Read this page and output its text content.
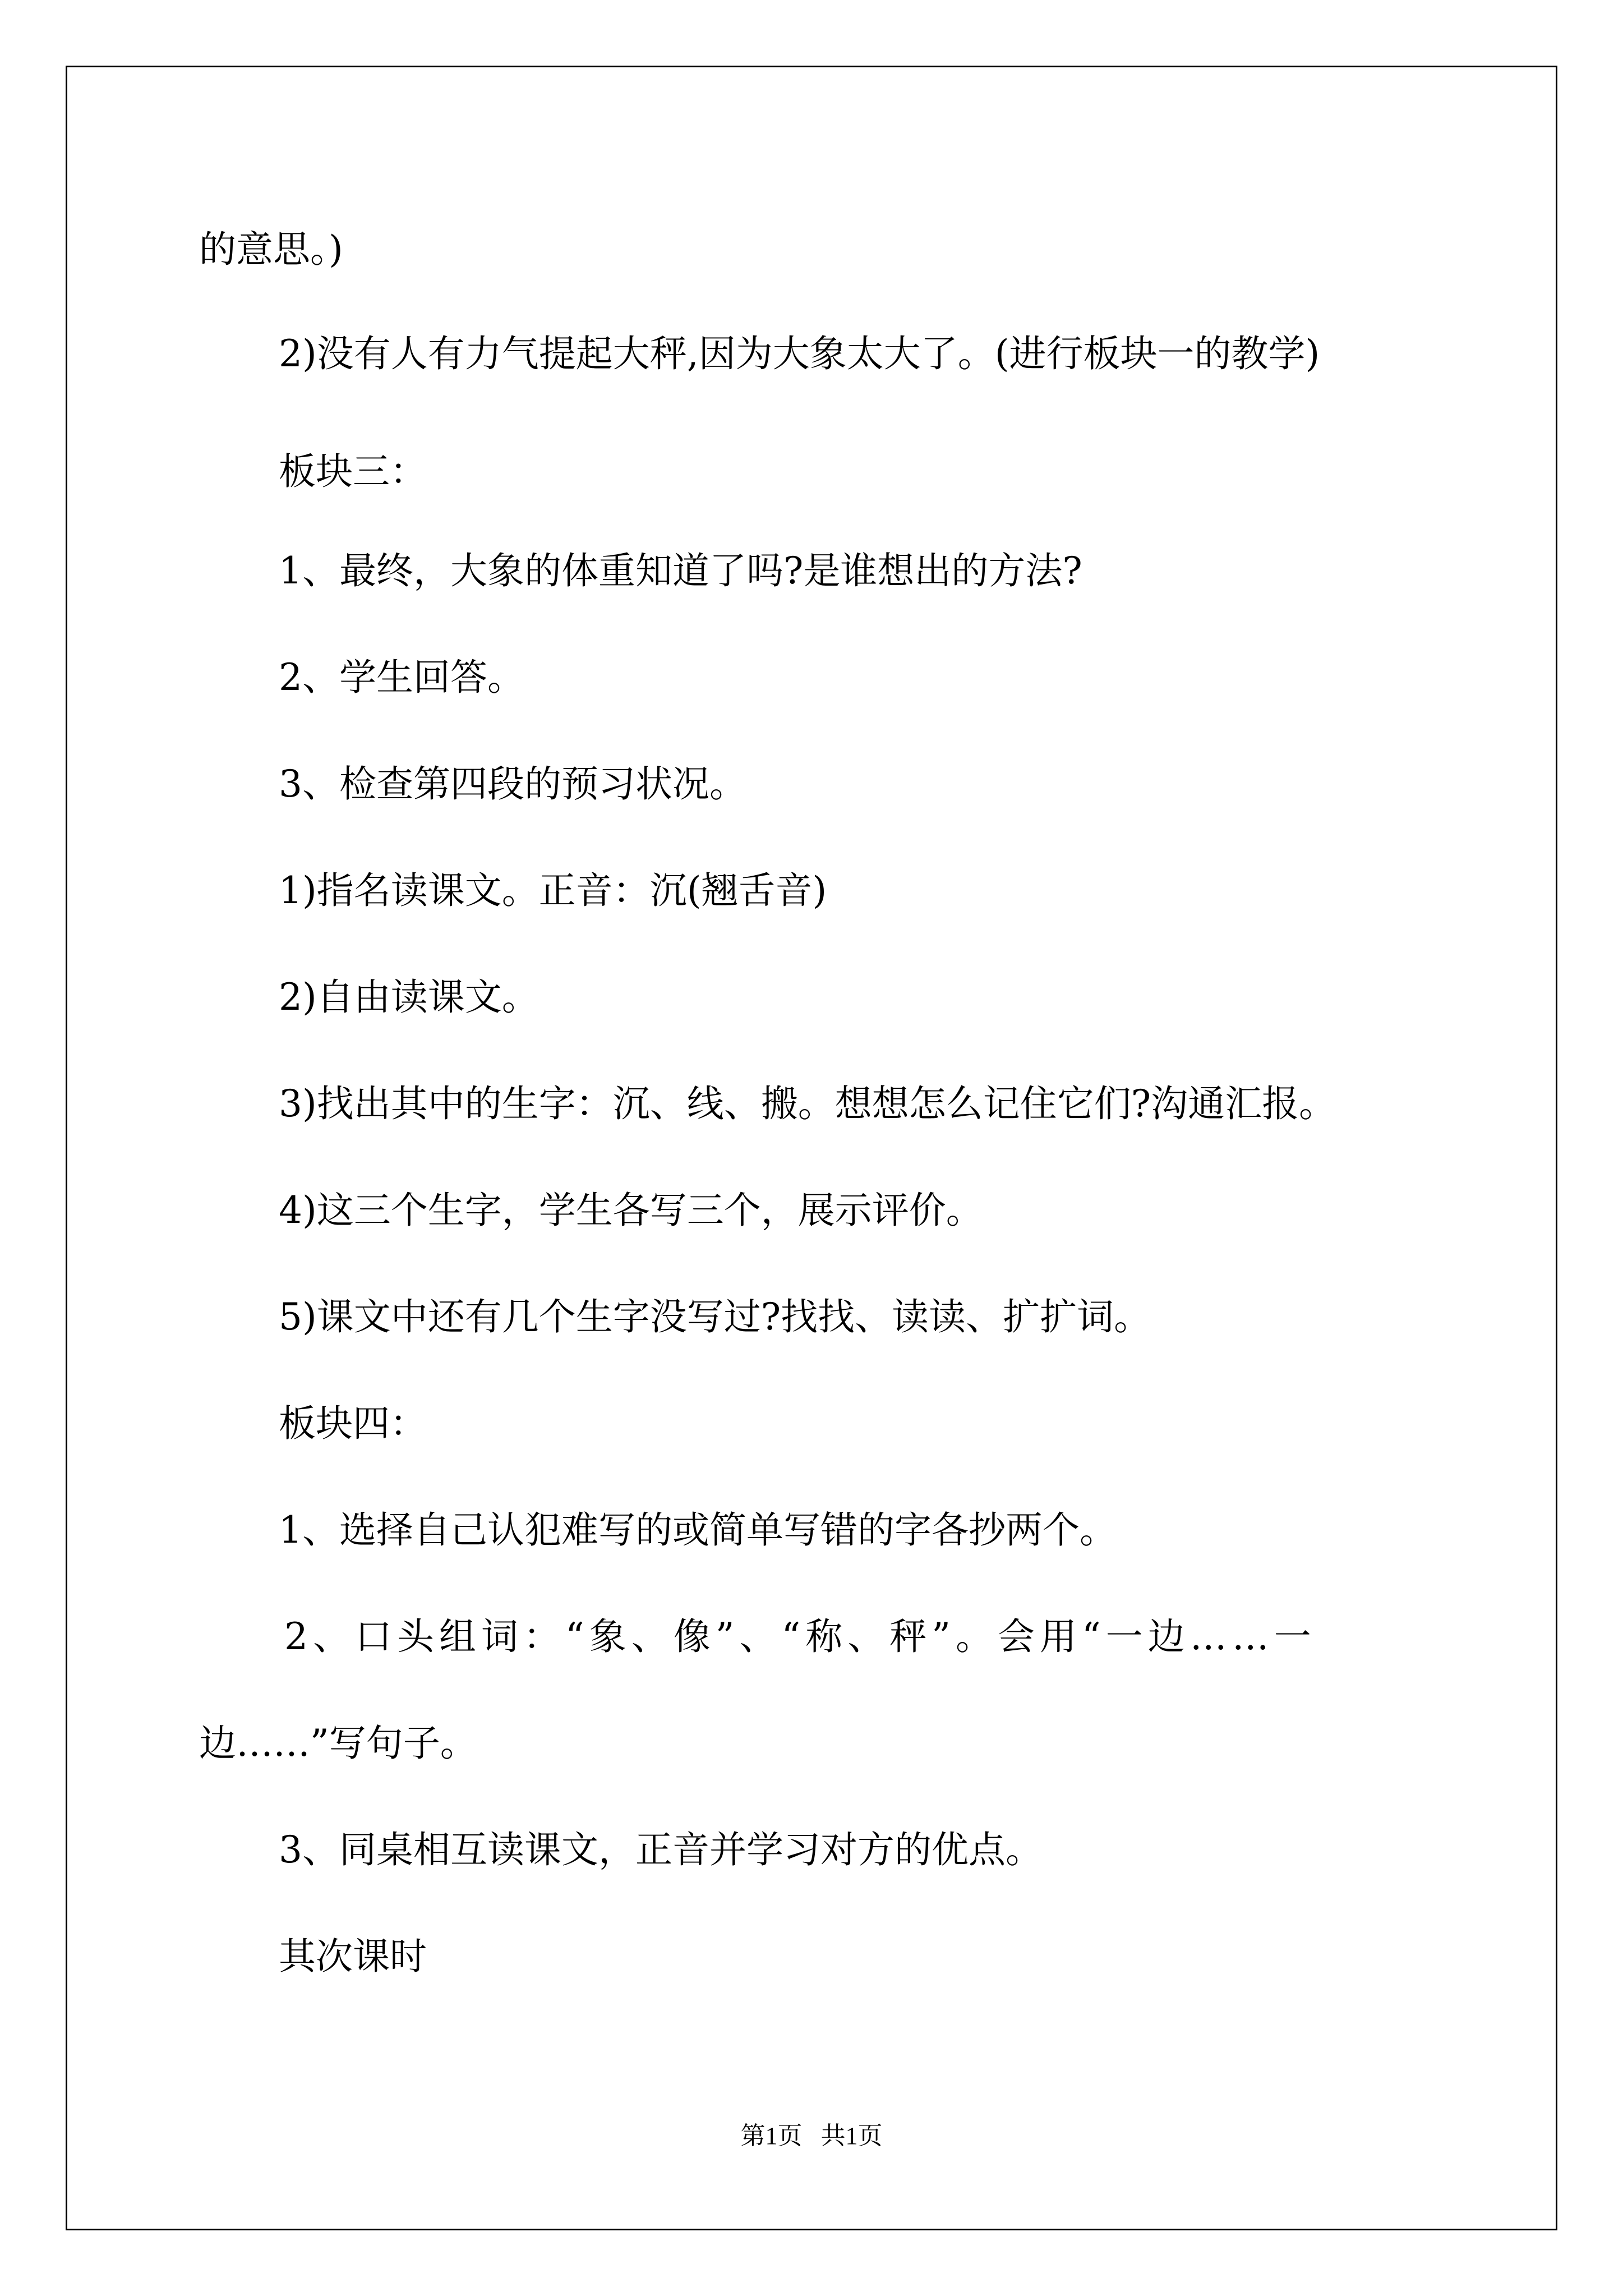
的意思。)

2)没有人有力气提起大秤,因为大象太大了。(进行板块一的教学)

板块三：

1、最终，大象的体重知道了吗?是谁想出的方法?

2、学生回答。

3、检查第四段的预习状况。

1)指名读课文。正音：沉(翘舌音)

2)自由读课文。

3)找出其中的生字：沉、线、搬。想想怎么记住它们?沟通汇报。

4)这三个生字，学生各写三个，展示评价。

5)课文中还有几个生字没写过?找找、读读、扩扩词。

板块四：

1、选择自己认犯难写的或简单写错的字各抄两个。

2、口头组词：“象、像”、“称、秤”。会用“一边……一

边……”写句子。

3、同桌相互读课文，正音并学习对方的优点。

其次课时

第1页   共1页
